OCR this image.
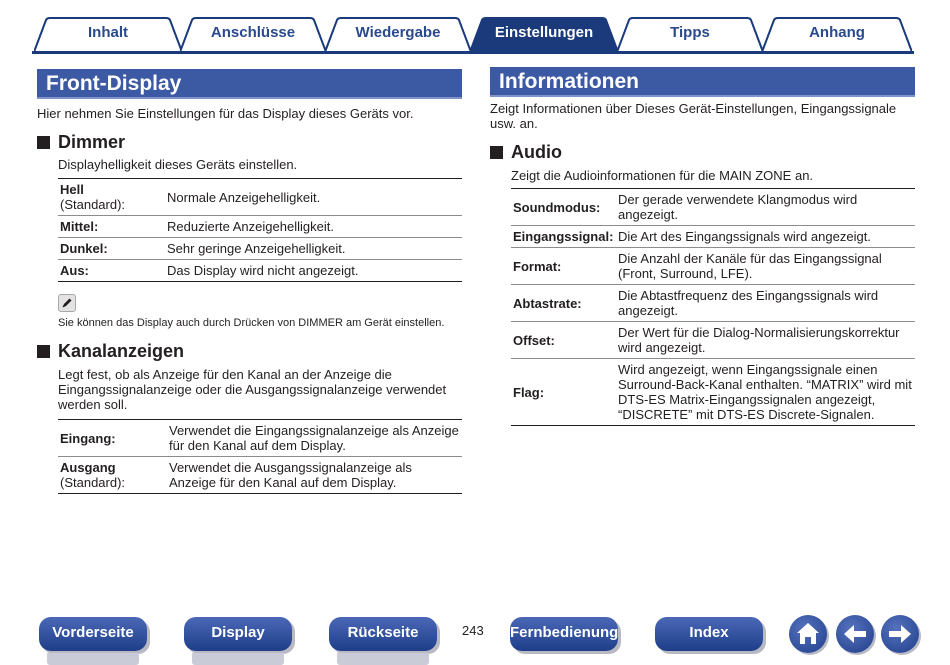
Inhalt	Anschlüsse	Wiedergabe	Einstellungen	Tipps	Anhang
Front-Display
Hier nehmen Sie Einstellungen für das Display dieses Geräts vor.
Dimmer
Displayhelligkeit dieses Geräts einstellen.
Hell
(Standard):	Normale Anzeigehelligkeit.
Mittel:	Reduzierte Anzeigehelligkeit.
Dunkel:	Sehr geringe Anzeigehelligkeit.
Aus:	Das Display wird nicht angezeigt.
Sie können das Display auch durch Drücken von DIMMER am Gerät einstellen.
Kanalanzeigen
Legt fest, ob als Anzeige für den Kanal an der Anzeige die Eingangssignalanzeige oder die Ausgangssignalanzeige verwendet werden soll.
Eingang:	Verwendet die Eingangssignalanzeige als Anzeige für den Kanal auf dem Display.
Ausgang
(Standard):	Verwendet die Ausgangssignalanzeige als Anzeige für den Kanal auf dem Display.
Informationen
Zeigt Informationen über Dieses Gerät-Einstellungen, Eingangssignale usw. an.
Audio
Zeigt die Audioinformationen für die MAIN ZONE an.
Soundmodus:	Der gerade verwendete Klangmodus wird angezeigt.
Eingangssignal:	Die Art des Eingangssignals wird angezeigt.
Format:	Die Anzahl der Kanäle für das Eingangssignal (Front, Surround, LFE).
Abtastrate:	Die Abtastfrequenz des Eingangssignals wird angezeigt.
Offset:	Der Wert für die Dialog-Normalisierungskorrektur wird angezeigt.
Flag:	Wird angezeigt, wenn Eingangssignale einen Surround-Back-Kanal enthalten. “MATRIX” wird mit DTS-ES Matrix-Eingangssignalen angezeigt, “DISCRETE” mit DTS-ES Discrete-Signalen.
Vorderseite	Display	Rückseite	243 Fernbedienung	Index
